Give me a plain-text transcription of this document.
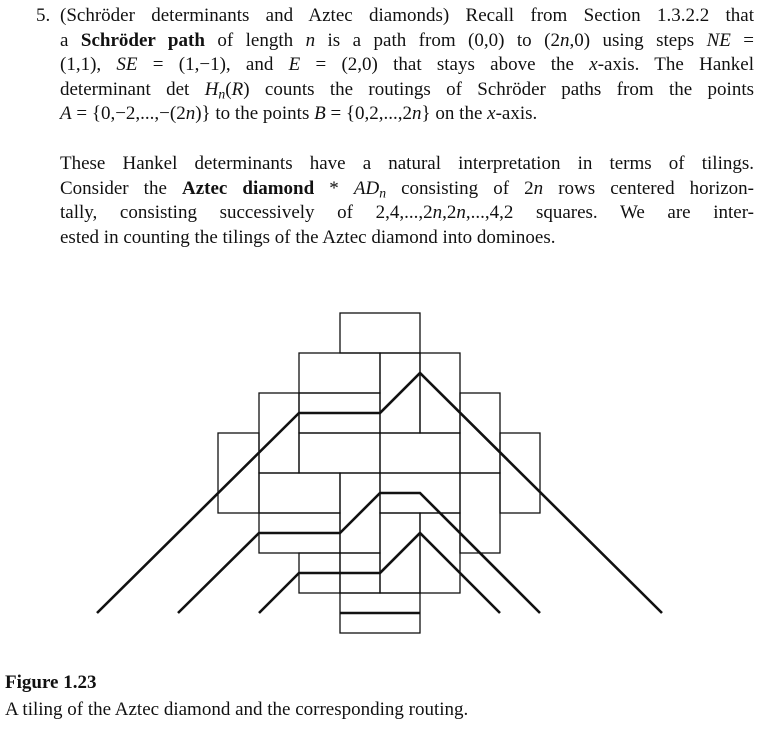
5. (Schröder determinants and Aztec diamonds) Recall from Section 1.3.2.2 that
a Schröder path of length n is a path from (0,0) to (2n,0) using steps NE =
(1,1), SE = (1,−1), and E = (2,0) that stays above the x-axis. The Hankel
determinant $\det H_n(R)$ counts the routings of Schröder paths from the points
A = {0,−2,...,−(2n)} to the points B = {0,2,...,2n} on the x-axis.

These Hankel determinants have a natural interpretation in terms of tilings.
Consider the Aztec diamond * $AD_n$ consisting of 2n rows centered horizon-
tally, consisting successively of 2,4,...,2n,2n,...,4,2 squares. We are inter-
ested in counting the tilings of the Aztec diamond into dominoes.

Figure 1.23
A tiling of the Aztec diamond and the corresponding routing.
